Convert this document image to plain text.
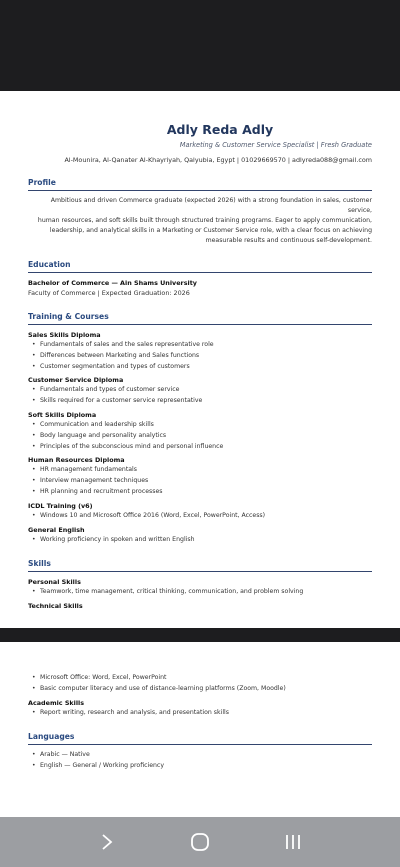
Adly Reda Adly
Marketing & Customer Service Specialist | Fresh Graduate
Al-Mounira, Al-Qanater Al-Khayriyah, Qalyubia, Egypt | 01029669570 | adlyreda088@gmail.com
Profile
Ambitious and driven Commerce graduate (expected 2026) with a strong foundation in sales, customer service,
human resources, and soft skills built through structured training programs. Eager to apply communication,
leadership, and analytical skills in a Marketing or Customer Service role, with a clear focus on achieving
measurable results and continuous self-development.
Education
Bachelor of Commerce — Ain Shams University
Faculty of Commerce | Expected Graduation: 2026
Training & Courses
Sales Skills Diploma
• Fundamentals of sales and the sales representative role
• Differences between Marketing and Sales functions
• Customer segmentation and types of customers
Customer Service Diploma
• Fundamentals and types of customer service
• Skills required for a customer service representative
Soft Skills Diploma
• Communication and leadership skills
• Body language and personality analytics
• Principles of the subconscious mind and personal influence
Human Resources Diploma
• HR management fundamentals
• Interview management techniques
• HR planning and recruitment processes
ICDL Training (v6)
• Windows 10 and Microsoft Office 2016 (Word, Excel, PowerPoint, Access)
General English
• Working proficiency in spoken and written English
Skills
Personal Skills
• Teamwork, time management, critical thinking, communication, and problem solving
Technical Skills
• Microsoft Office: Word, Excel, PowerPoint
• Basic computer literacy and use of distance-learning platforms (Zoom, Moodle)
Academic Skills
• Report writing, research and analysis, and presentation skills
Languages
• Arabic — Native
• English — General / Working proficiency
